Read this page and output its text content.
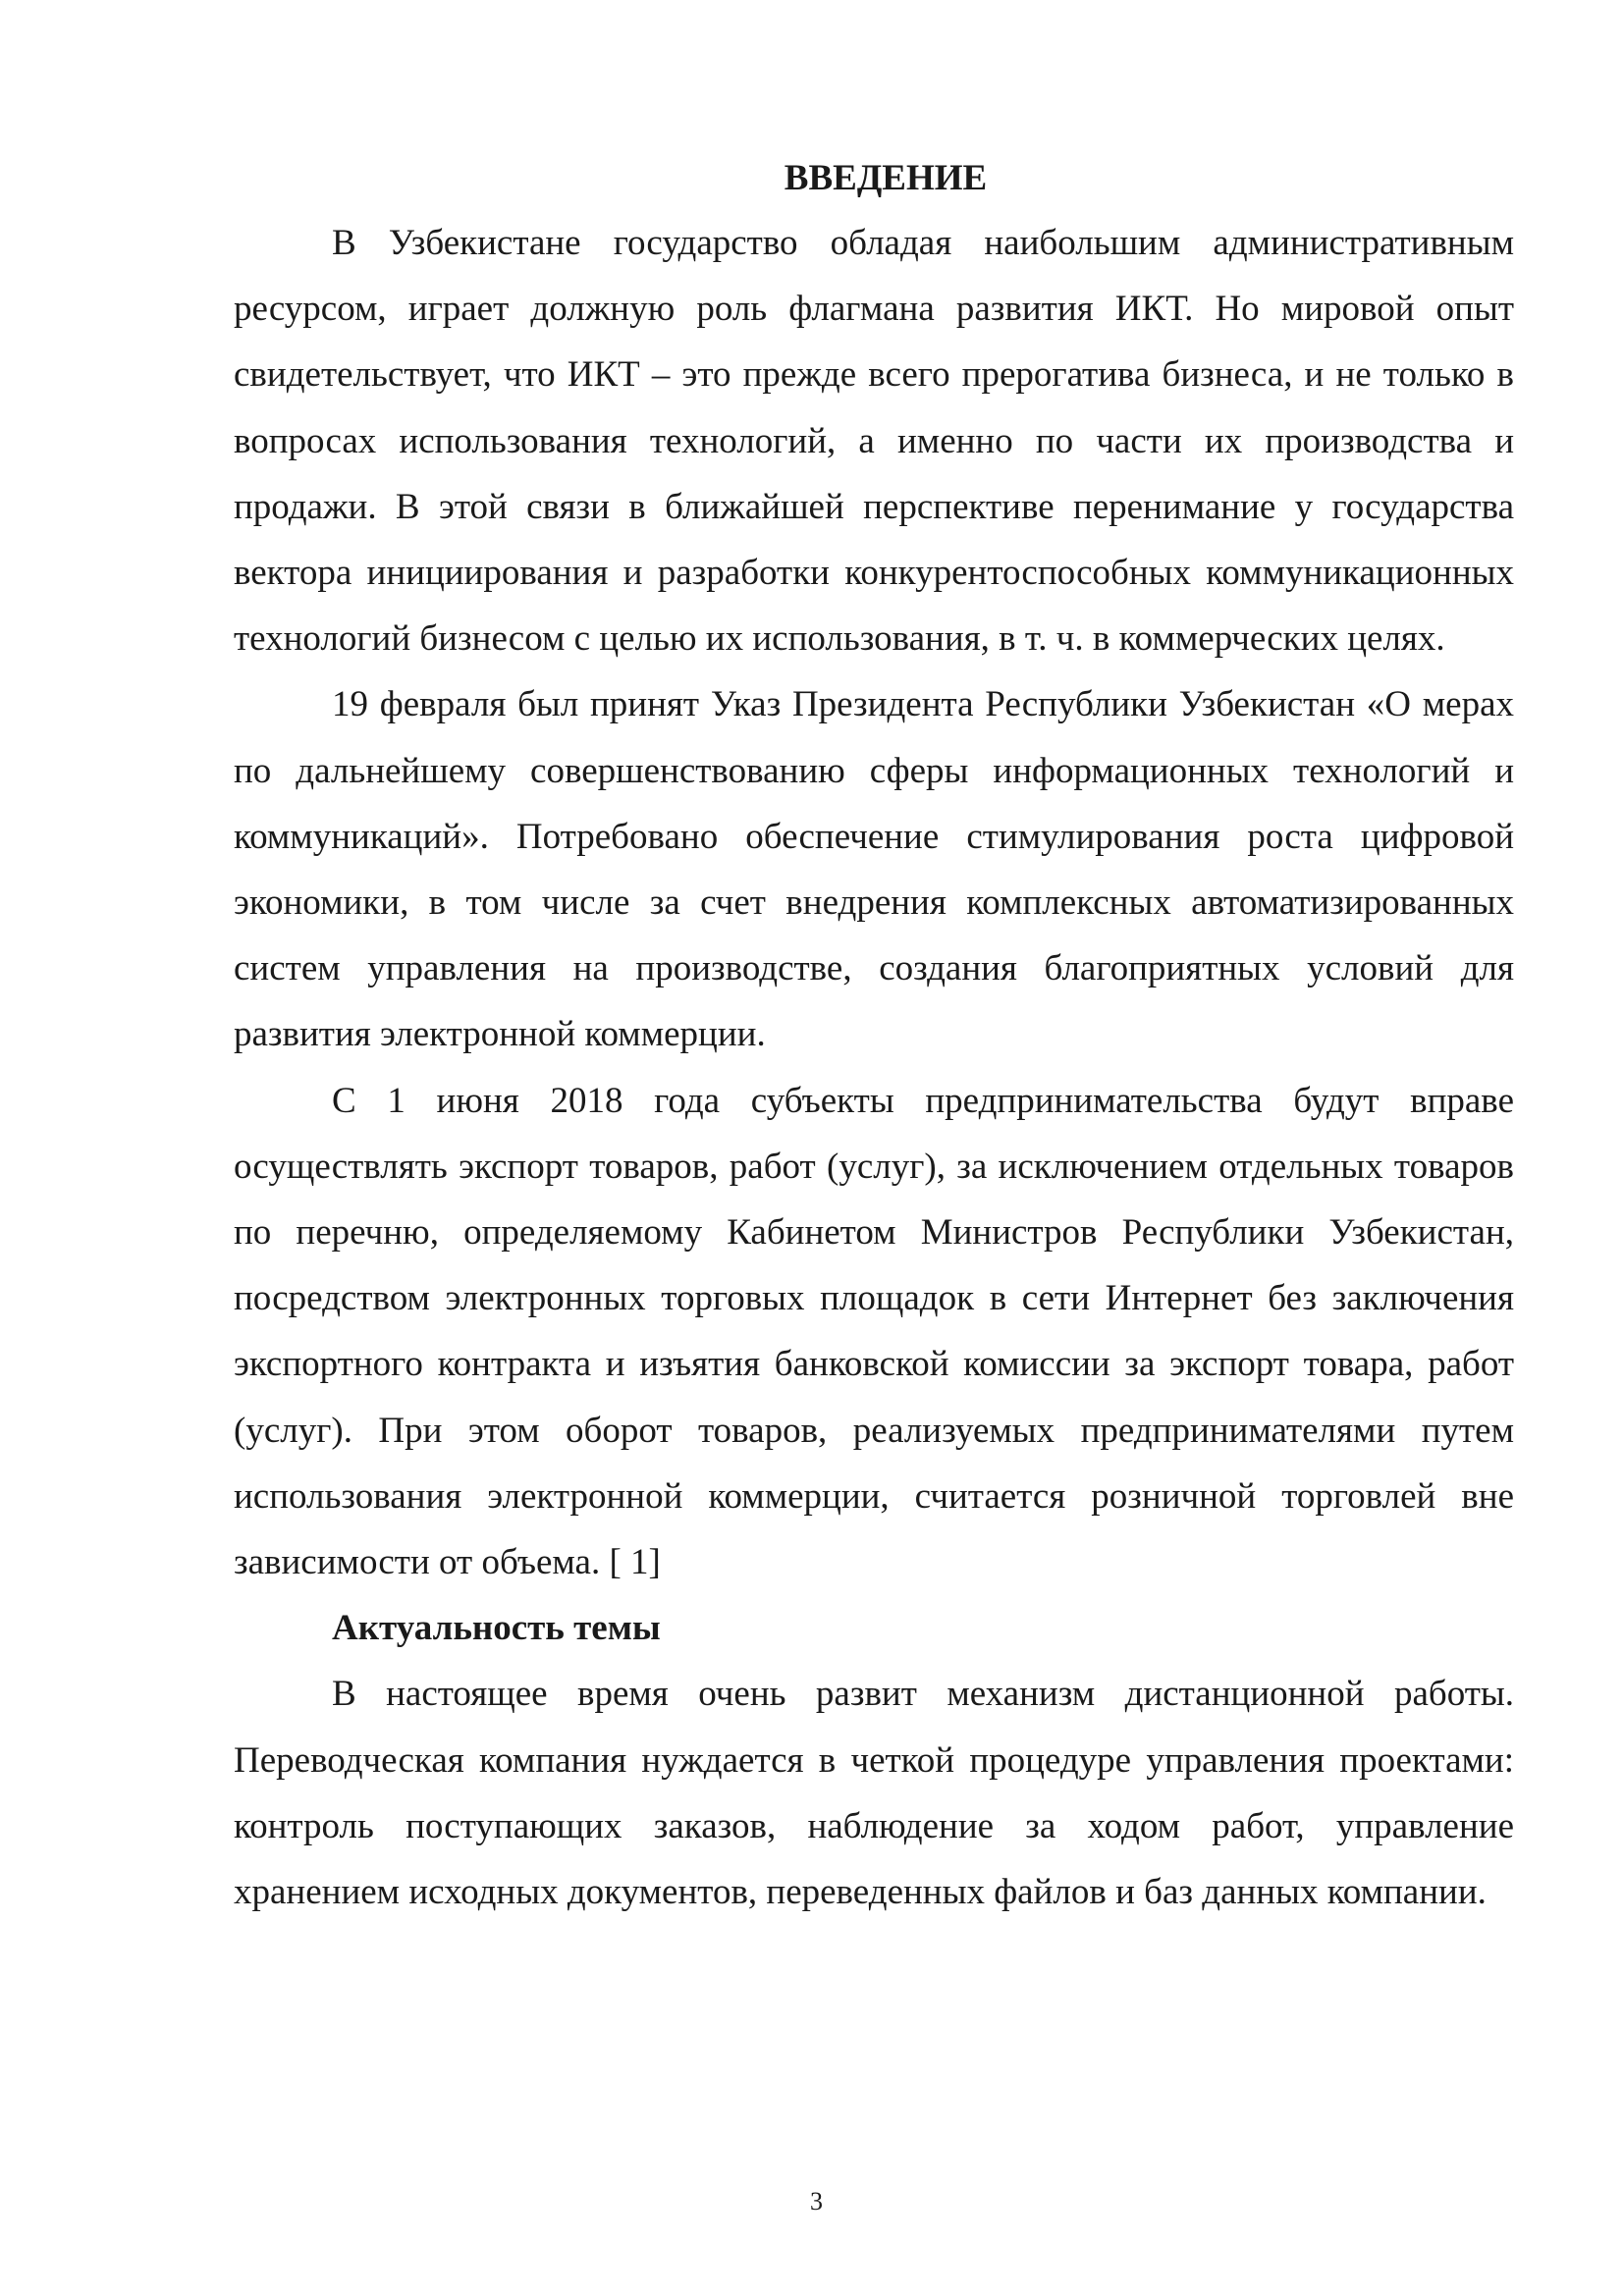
ВВЕДЕНИЕ

В Узбекистане государство обладая наибольшим административным ресурсом, играет должную роль флагмана развития ИКТ. Но мировой опыт свидетельствует, что ИКТ – это прежде всего прерогатива бизнеса, и не только в вопросах использования технологий, а именно по части их производства и продажи. В этой связи в ближайшей перспективе перенимание у государства вектора инициирования и разработки конкурентоспособных коммуникационных технологий бизнесом с целью их использования, в т. ч. в коммерческих целях.

19 февраля был принят Указ Президента Республики Узбекистан «О мерах по дальнейшему совершенствованию сферы информационных технологий и коммуникаций». Потребовано обеспечение стимулирования роста цифровой экономики, в том числе за счет внедрения комплексных автоматизированных систем управления на производстве, создания благоприятных условий для развития электронной коммерции.

С 1 июня 2018 года субъекты предпринимательства будут вправе осуществлять экспорт товаров, работ (услуг), за исключением отдельных товаров по перечню, определяемому Кабинетом Министров Республики Узбекистан, посредством электронных торговых площадок в сети Интернет без заключения экспортного контракта и изъятия банковской комиссии за экспорт товара, работ (услуг). При этом оборот товаров, реализуемых предпринимателями путем использования электронной коммерции, считается розничной торговлей вне зависимости от объема. [ 1]

Актуальность темы

В настоящее время очень развит механизм дистанционной работы. Переводческая компания нуждается в четкой процедуре управления проектами: контроль поступающих заказов, наблюдение за ходом работ, управление хранением исходных документов, переведенных файлов и баз данных компании.

3
